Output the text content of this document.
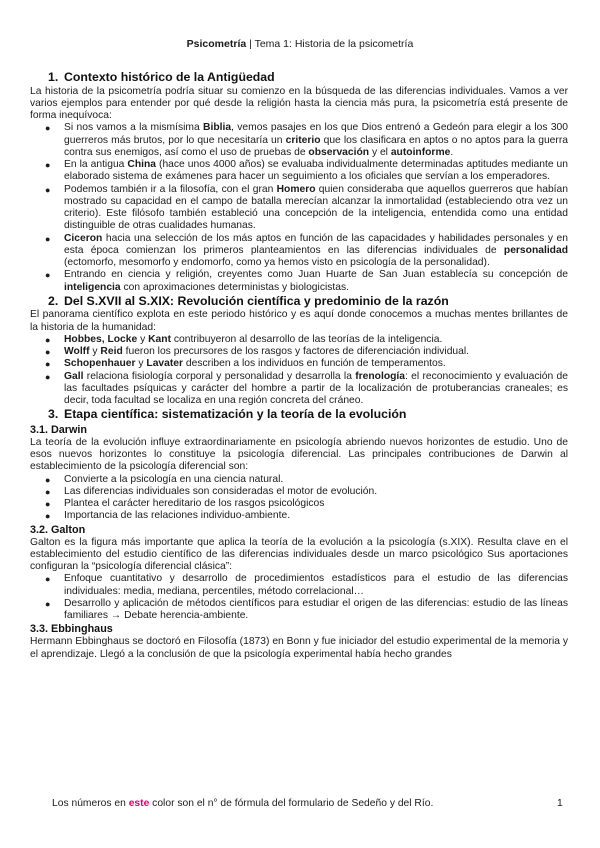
Psicometría | Tema 1: Historia de la psicometría
1. Contexto histórico de la Antigüedad

La historia de la psicometría podría situar su comienzo en la búsqueda de las diferencias individuales. Vamos a ver varios ejemplos para entender por qué desde la religión hasta la ciencia más pura, la psicometría está presente de forma inequívoca:

● Si nos vamos a la mismísima Biblia, vemos pasajes en los que Dios entrenó a Gedeón para elegir a los 300 guerreros más brutos, por lo que necesitaría un criterio que los clasificara en aptos o no aptos para la guerra contra sus enemigos, así como el uso de pruebas de observación y el autoinforme.
● En la antigua China (hace unos 4000 años) se evaluaba individualmente determinadas aptitudes mediante un elaborado sistema de exámenes para hacer un seguimiento a los oficiales que servían a los emperadores.
● Podemos también ir a la filosofía, con el gran Homero quien consideraba que aquellos guerreros que habían mostrado su capacidad en el campo de batalla merecían alcanzar la inmortalidad (estableciendo otra vez un criterio). Este filósofo también estableció una concepción de la inteligencia, entendida como una entidad distinguible de otras cualidades humanas.
● Ciceron hacia una selección de los más aptos en función de las capacidades y habilidades personales y en esta época comienzan los primeros planteamientos en las diferencias individuales de personalidad (ectomorfo, mesomorfo y endomorfo, como ya hemos visto en psicología de la personalidad).
● Entrando en ciencia y religión, creyentes como Juan Huarte de San Juan establecía su concepción de inteligencia con aproximaciones deterministas y biologicistas.
2. Del S.XVII al S.XIX: Revolución científica y predominio de la razón

El panorama científico explota en este periodo histórico y es aquí donde conocemos a muchas mentes brillantes de la historia de la humanidad:

● Hobbes, Locke y Kant contribuyeron al desarrollo de las teorías de la inteligencia.
● Wolff y Reid fueron los precursores de los rasgos y factores de diferenciación individual.
● Schopenhauer y Lavater describen a los individuos en función de temperamentos.
● Gall relaciona fisiología corporal y personalidad y desarrolla la frenología: el reconocimiento y evaluación de las facultades psíquicas y carácter del hombre a partir de la localización de protuberancias craneales; es decir, toda facultad se localiza en una región concreta del cráneo.
3. Etapa científica: sistematización y la teoría de la evolución
3.1. Darwin

La teoría de la evolución influye extraordinariamente en psicología abriendo nuevos horizontes de estudio. Uno de esos nuevos horizontes lo constituye la psicología diferencial. Las principales contribuciones de Darwin al establecimiento de la psicología diferencial son:

● Convierte a la psicología en una ciencia natural.
● Las diferencias individuales son consideradas el motor de evolución.
● Plantea el carácter hereditario de los rasgos psicológicos
● Importancia de las relaciones individuo-ambiente.
3.2. Galton

Galton es la figura más importante que aplica la teoría de la evolución a la psicología (s.XIX). Resulta clave en el establecimiento del estudio científico de las diferencias individuales desde un marco psicológico Sus aportaciones configuran la “psicología diferencial clásica”:

● Enfoque cuantitativo y desarrollo de procedimientos estadísticos para el estudio de las diferencias individuales: media, mediana, percentiles, método correlacional…
● Desarrollo y aplicación de métodos científicos para estudiar el origen de las diferencias: estudio de las líneas familiares → Debate herencia-ambiente.
3.3. Ebbinghaus

Hermann Ebbinghaus se doctoró en Filosofía (1873) en Bonn y fue iniciador del estudio experimental de la memoria y el aprendizaje. Llegó a la conclusión de que la psicología experimental había hecho grandes

Los números en este color son el n° de fórmula del formulario de Sedeño y del Río.	1
